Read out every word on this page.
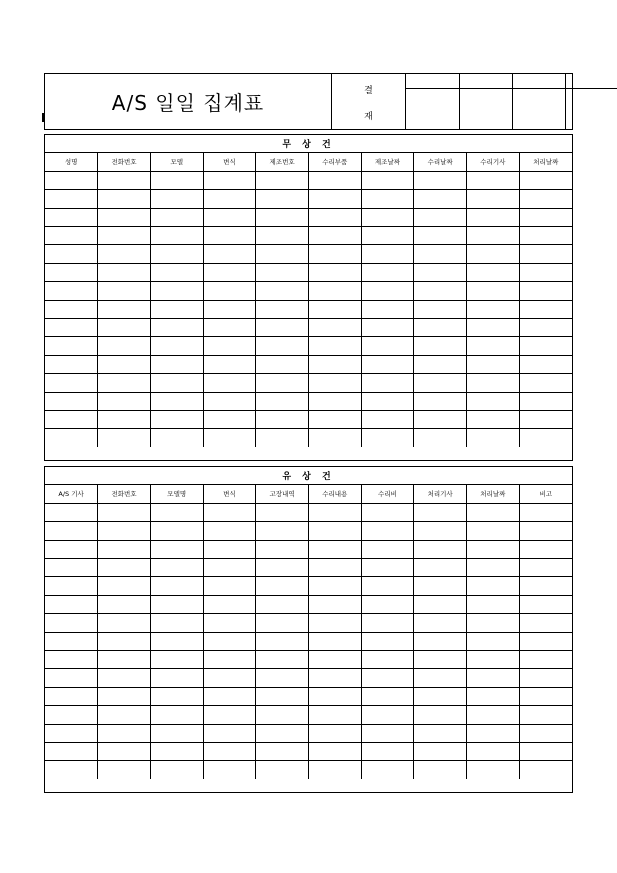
A/S 일일 집계표	결
재
무 상 건
성명	전화번호	모델	변식	제조번호	수리부품	제조날짜	수리날짜	수리기사	처리날짜

유 상 건
A/S 기사	전화번호	모델명	변식	고장내역	수리내용	수리비	처리기사	처리날짜	비고
